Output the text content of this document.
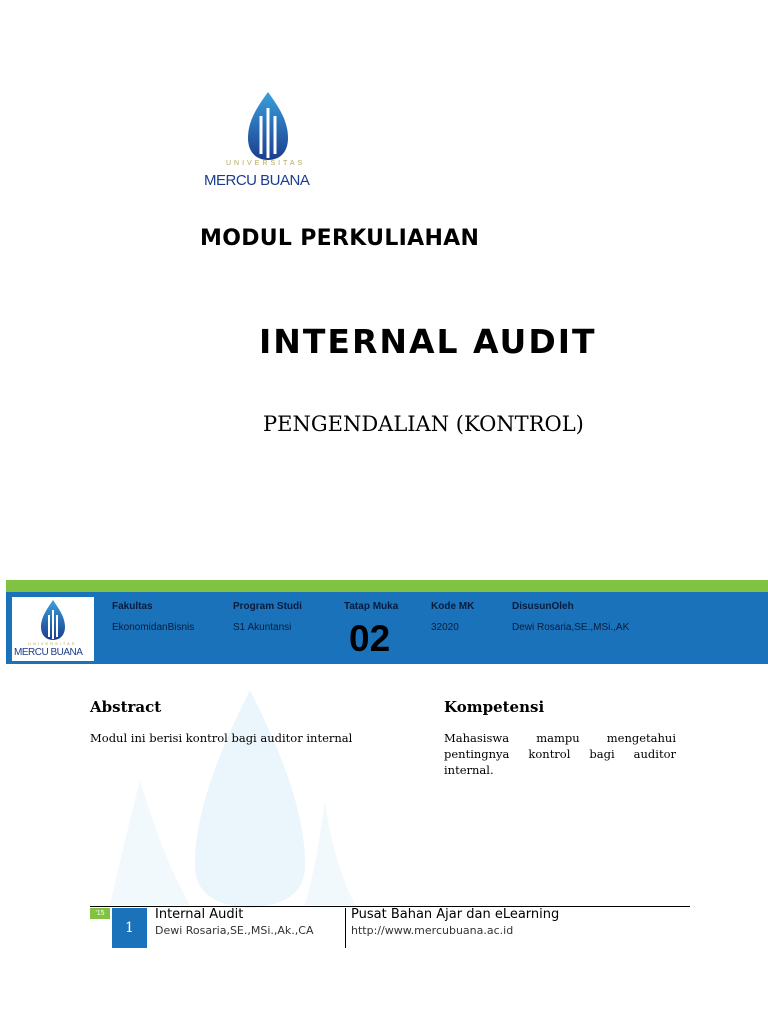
UNIVERSITAS
MERCU BUANA
MODUL PERKULIAHAN
INTERNAL AUDIT
PENGENDALIAN (KONTROL)
UNIVERSITAS
MERCU BUANA
Fakultas
EkonomidanBisnis
Program Studi
S1 Akuntansi
Tatap Muka
02
Kode MK
32020
DisusunOleh
Dewi Rosaria,SE.,MSi.,AK
Abstract
Modul ini berisi kontrol bagi auditor internal
Kompetensi
Mahasiswa mampu mengetahui pentingnya kontrol bagi auditor internal.
'15
1
Internal Audit
Dewi Rosaria,SE.,MSi.,Ak.,CA
Pusat Bahan Ajar dan eLearning
http://www.mercubuana.ac.id
